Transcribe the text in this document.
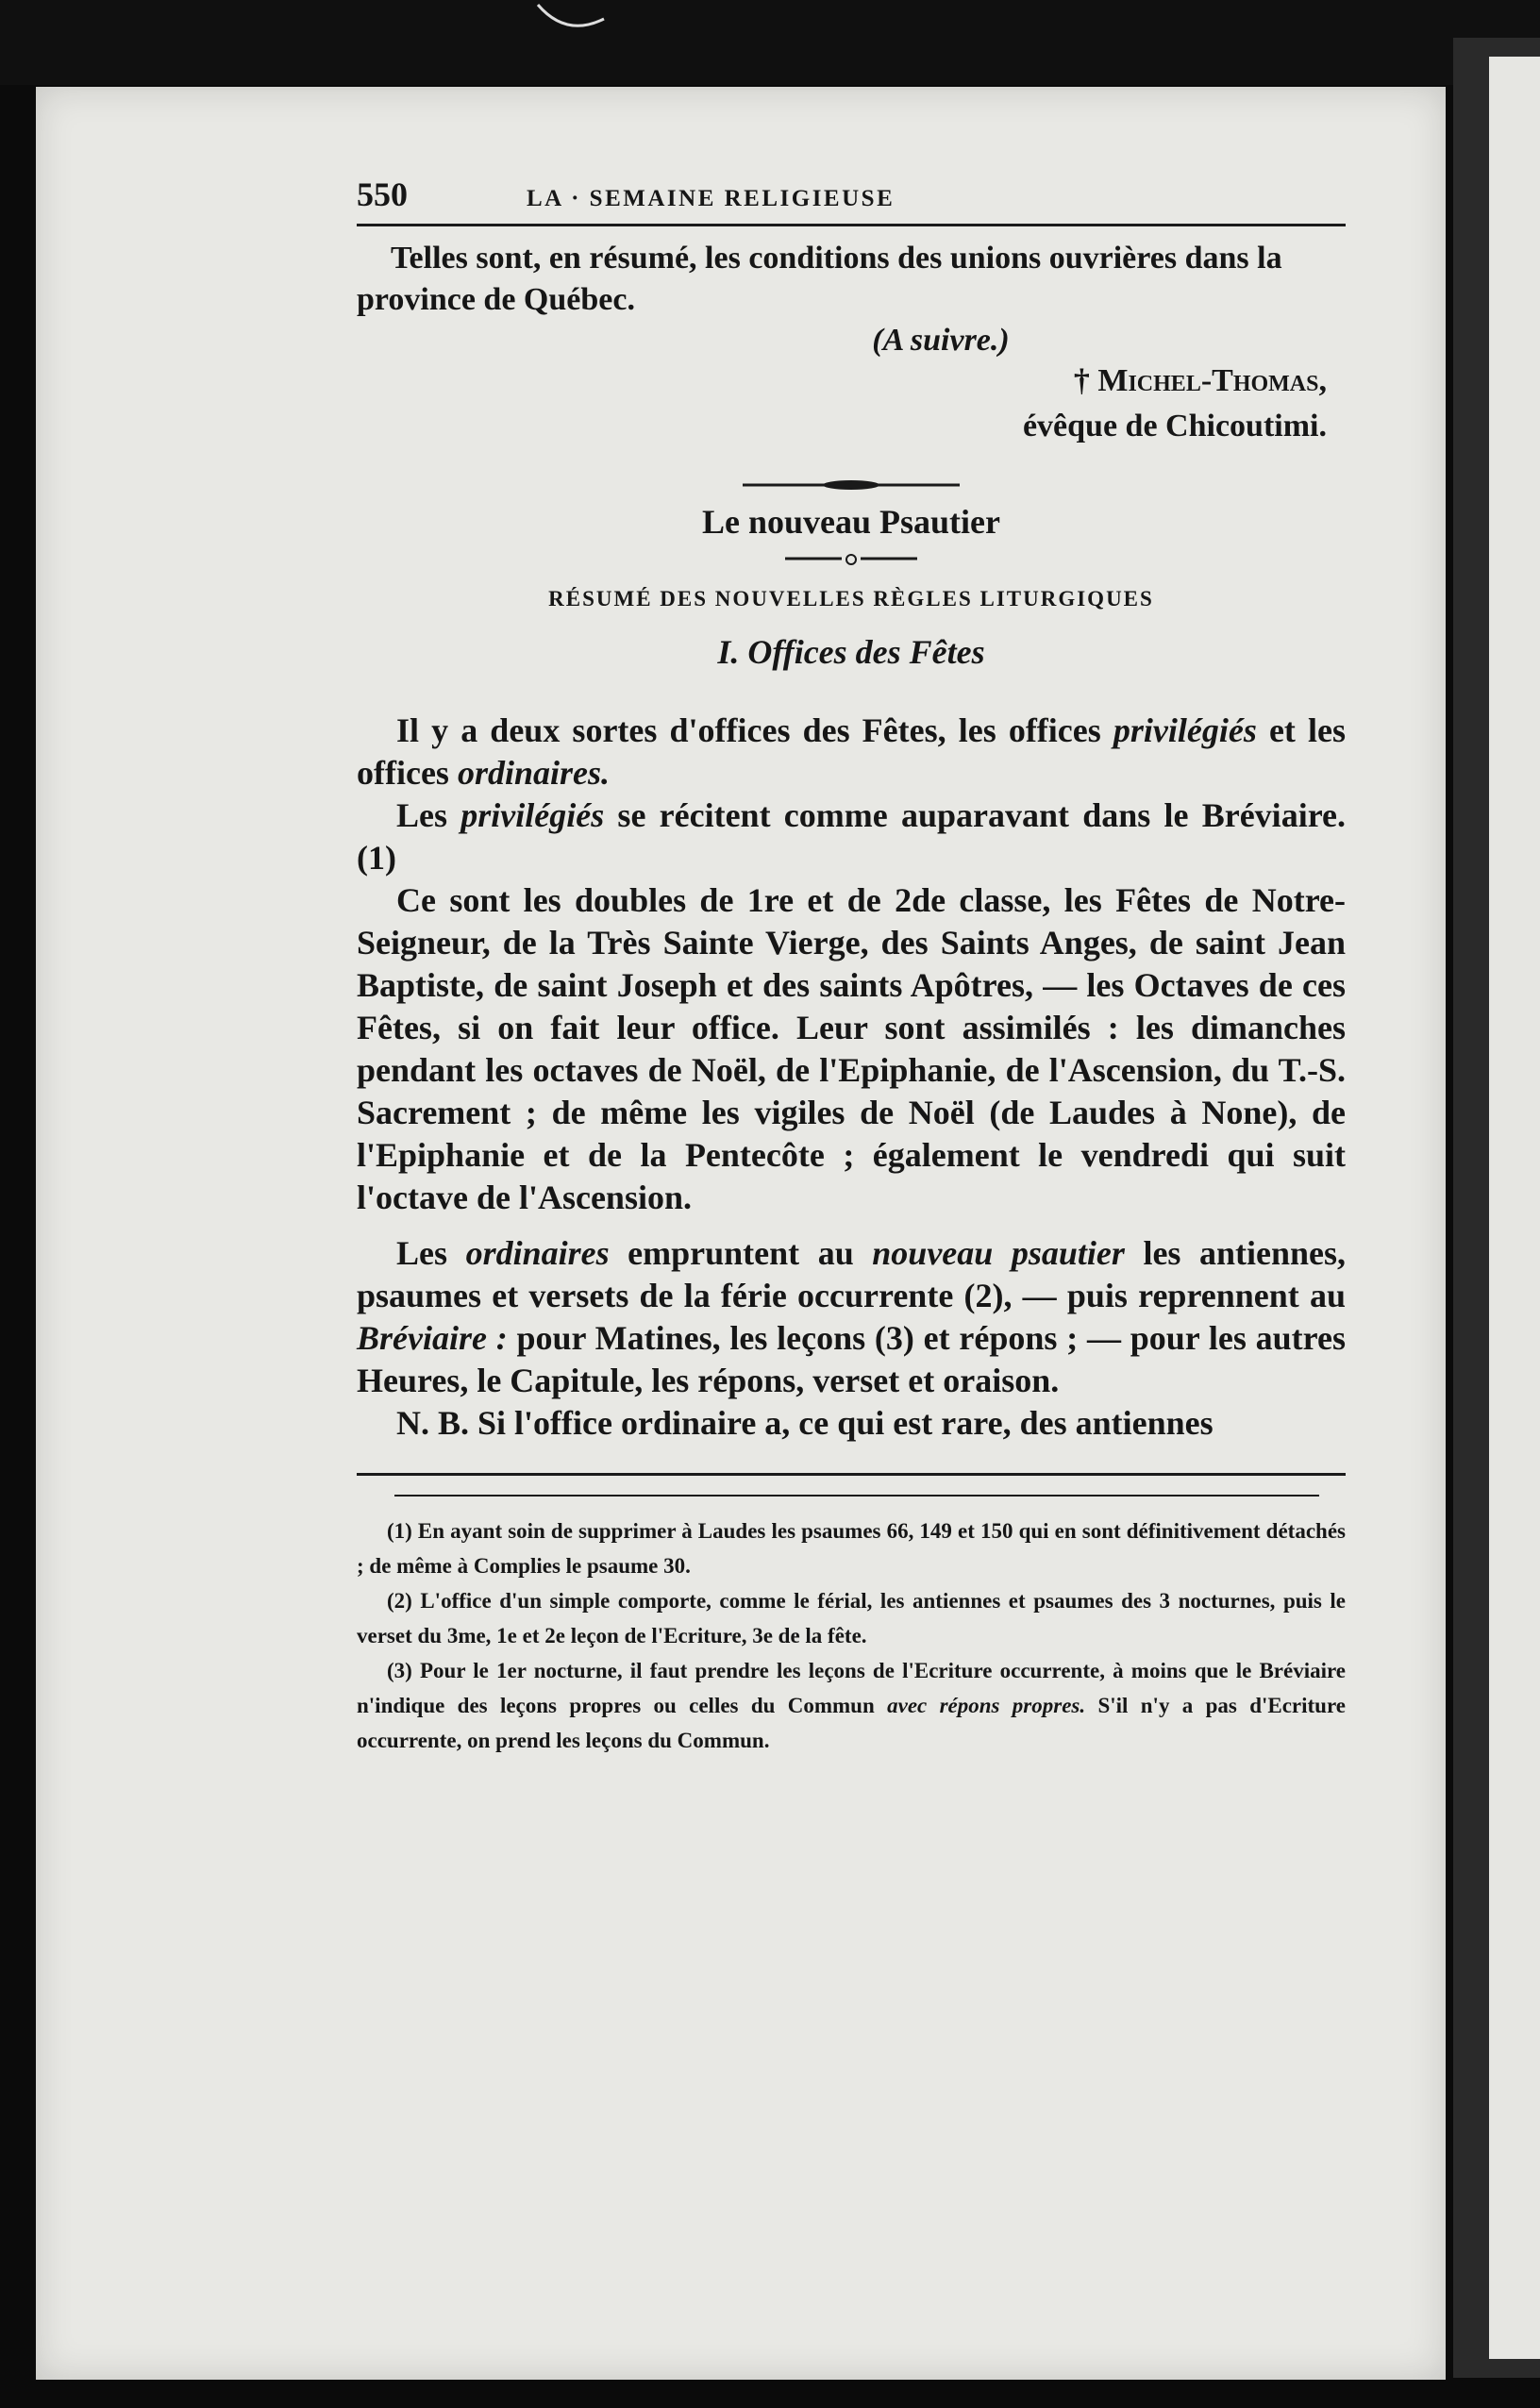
550	LA · SEMAINE RELIGIEUSE

Telles sont, en résumé, les conditions des unions ouvrières dans la province de Québec.

(A suivre.)

† Michel-Thomas,
évêque de Chicoutimi.
Le nouveau Psautier
RÉSUMÉ DES NOUVELLES RÈGLES LITURGIQUES
I. Offices des Fêtes

Il y a deux sortes d'offices des Fêtes, les offices privilégiés et les offices ordinaires.

Les privilégiés se récitent comme auparavant dans le Bréviaire. (1)

Ce sont les doubles de 1re et de 2de classe, les Fêtes de Notre-Seigneur, de la Très Sainte Vierge, des Saints Anges, de saint Jean Baptiste, de saint Joseph et des saints Apôtres, — les Octaves de ces Fêtes, si on fait leur office. Leur sont assimilés : les dimanches pendant les octaves de Noël, de l'Epiphanie, de l'Ascension, du T.-S. Sacrement ; de même les vigiles de Noël (de Laudes à None), de l'Epiphanie et de la Pentecôte ; également le vendredi qui suit l'octave de l'Ascension.

Les ordinaires empruntent au nouveau psautier les antiennes, psaumes et versets de la férie occurrente (2), — puis reprennent au Bréviaire : pour Matines, les leçons (3) et répons ; — pour les autres Heures, le Capitule, les répons, verset et oraison.

N. B. Si l'office ordinaire a, ce qui est rare, des antiennes

(1) En ayant soin de supprimer à Laudes les psaumes 66, 149 et 150 qui en sont définitivement détachés ; de même à Complies le psaume 30.

(2) L'office d'un simple comporte, comme le férial, les antiennes et psaumes des 3 nocturnes, puis le verset du 3me, 1e et 2e leçon de l'Ecriture, 3e de la fête.

(3) Pour le 1er nocturne, il faut prendre les leçons de l'Ecriture occurrente, à moins que le Bréviaire n'indique des leçons propres ou celles du Commun avec répons propres. S'il n'y a pas d'Ecriture occurrente, on prend les leçons du Commun.
